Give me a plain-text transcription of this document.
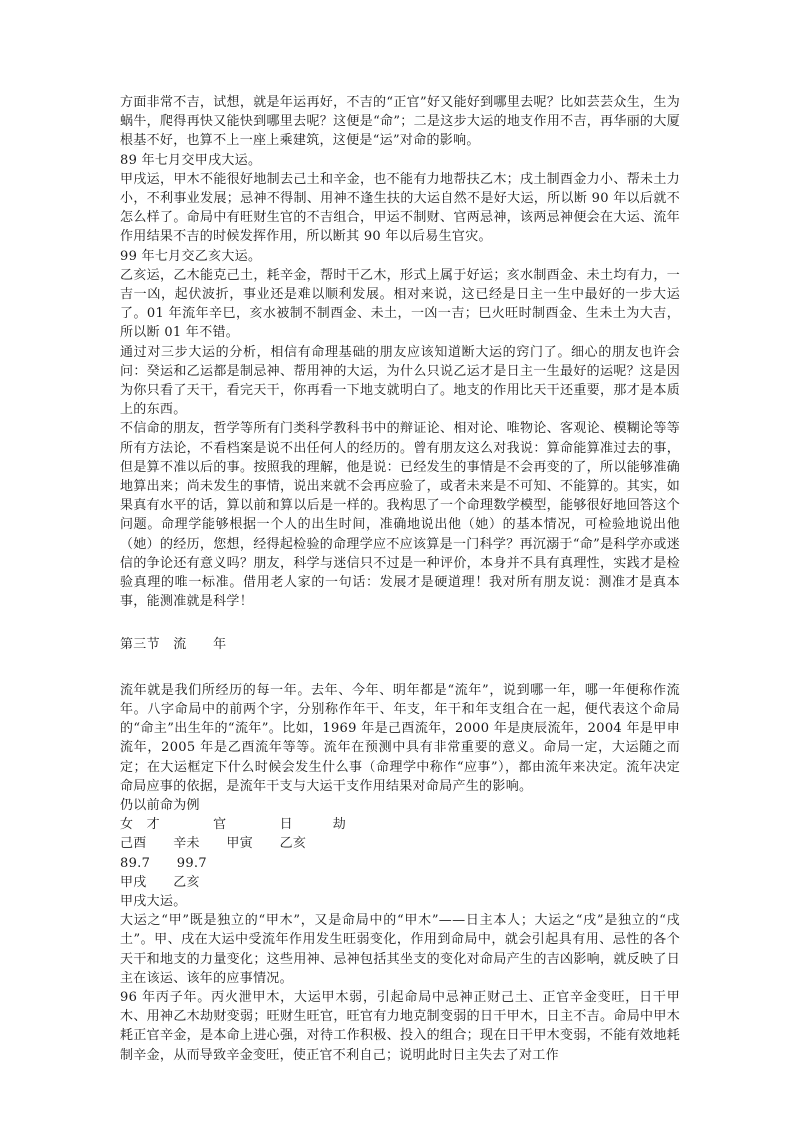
方面非常不吉，试想，就是年运再好，不吉的“正官”好又能好到哪里去呢？比如芸芸众生，生为蜗牛，爬得再快又能快到哪里去呢？这便是“命”；二是这步大运的地支作用不吉，再华丽的大厦根基不好，也算不上一座上乘建筑，这便是“运”对命的影响。

89 年七月交甲戌大运。

甲戌运，甲木不能很好地制去己土和辛金，也不能有力地帮扶乙木；戌土制酉金力小、帮未土力小，不利事业发展；忌神不得制、用神不逢生扶的大运自然不是好大运，所以断 90 年以后就不怎么样了。命局中有旺财生官的不吉组合，甲运不制财、官两忌神，该两忌神便会在大运、流年作用结果不吉的时候发挥作用，所以断其 90 年以后易生官灾。

99 年七月交乙亥大运。

乙亥运，乙木能克己土，耗辛金，帮时干乙木，形式上属于好运；亥水制酉金、未土均有力，一吉一凶，起伏波折，事业还是难以顺利发展。相对来说，这已经是日主一生中最好的一步大运了。01 年流年辛巳，亥水被制不制酉金、未土，一凶一吉；巳火旺时制酉金、生未土为大吉，所以断 01 年不错。

通过对三步大运的分析，相信有命理基础的朋友应该知道断大运的窍门了。细心的朋友也许会问：癸运和乙运都是制忌神、帮用神的大运，为什么只说乙运才是日主一生最好的运呢？这是因为你只看了天干，看完天干，你再看一下地支就明白了。地支的作用比天干还重要，那才是本质上的东西。

不信命的朋友，哲学等所有门类科学教科书中的辩证论、相对论、唯物论、客观论、模糊论等等所有方法论，不看档案是说不出任何人的经历的。曾有朋友这么对我说：算命能算准过去的事，但是算不准以后的事。按照我的理解，他是说：已经发生的事情是不会再变的了，所以能够准确地算出来；尚未发生的事情，说出来就不会再应验了，或者未来是不可知、不能算的。其实，如果真有水平的话，算以前和算以后是一样的。我构思了一个命理数学模型，能够很好地回答这个问题。命理学能够根据一个人的出生时间，准确地说出他（她）的基本情况，可检验地说出他（她）的经历，您想，经得起检验的命理学应不应该算是一门科学？再沉溺于“命”是科学亦或迷信的争论还有意义吗？朋友，科学与迷信只不过是一种评价，本身并不具有真理性，实践才是检验真理的唯一标准。借用老人家的一句话：发展才是硬道理！我对所有朋友说：测准才是真本事，能测准就是科学！

第三节　流　　年

流年就是我们所经历的每一年。去年、今年、明年都是“流年”，说到哪一年，哪一年便称作流年。八字命局中的前两个字，分别称作年干、年支，年干和年支组合在一起，便代表这个命局的“命主”出生年的“流年”。比如，1969 年是己酉流年，2000 年是庚辰流年，2004 年是甲申流年，2005 年是乙酉流年等等。流年在预测中具有非常重要的意义。命局一定，大运随之而定；在大运框定下什么时候会发生什么事（命理学中称作“应事”），都由流年来决定。流年决定命局应事的依据，是流年干支与大运干支作用结果对命局产生的影响。

仍以前命为例

女　才　　　　官　　　　日　　　劫

己酉　　辛未　　甲寅　　乙亥

89.7　　99.7

甲戌　　乙亥

甲戌大运。

大运之“甲”既是独立的“甲木”，又是命局中的“甲木”——日主本人；大运之“戌”是独立的“戌土”。甲、戌在大运中受流年作用发生旺弱变化，作用到命局中，就会引起具有用、忌性的各个天干和地支的力量变化；这些用神、忌神包括其坐支的变化对命局产生的吉凶影响，就反映了日主在该运、该年的应事情况。

96 年丙子年。丙火泄甲木，大运甲木弱，引起命局中忌神正财己土、正官辛金变旺，日干甲木、用神乙木劫财变弱；旺财生旺官，旺官有力地克制变弱的日干甲木，日主不吉。命局中甲木耗正官辛金，是本命上进心强，对待工作积极、投入的组合；现在日干甲木变弱，不能有效地耗制辛金，从而导致辛金变旺，使正官不利自己；说明此时日主失去了对工作
